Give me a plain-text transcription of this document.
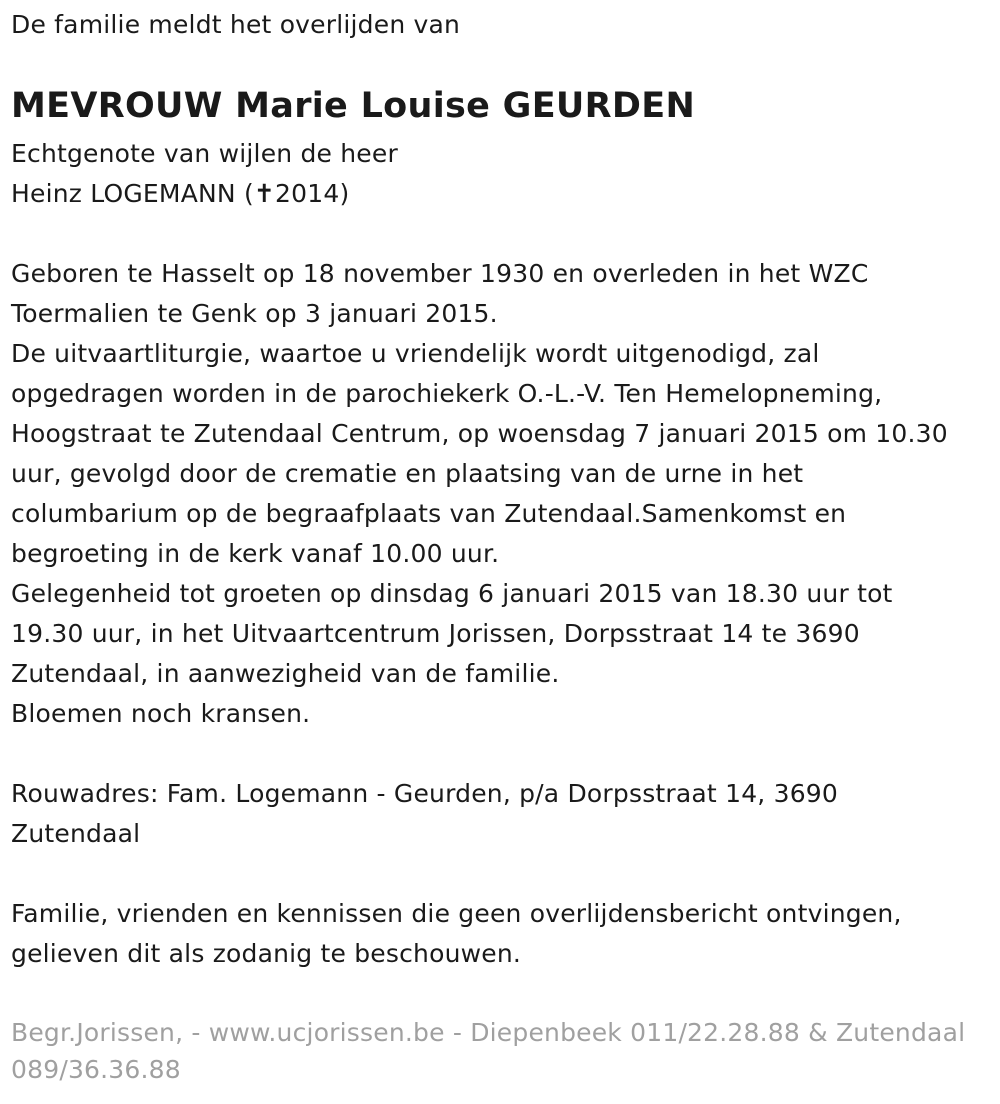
De familie meldt het overlijden van
MEVROUW Marie Louise GEURDEN
Echtgenote van wijlen de heer
Heinz LOGEMANN (✝2014)
Geboren te Hasselt op 18 november 1930 en overleden in het WZC
Toermalien te Genk op 3 januari 2015.
De uitvaartliturgie, waartoe u vriendelijk wordt uitgenodigd, zal
opgedragen worden in de parochiekerk O.-L.-V. Ten Hemelopneming,
Hoogstraat te Zutendaal Centrum, op woensdag 7 januari 2015 om 10.30
uur, gevolgd door de crematie en plaatsing van de urne in het
columbarium op de begraafplaats van Zutendaal.Samenkomst en
begroeting in de kerk vanaf 10.00 uur.
Gelegenheid tot groeten op dinsdag 6 januari 2015 van 18.30 uur tot
19.30 uur, in het Uitvaartcentrum Jorissen, Dorpsstraat 14 te 3690
Zutendaal, in aanwezigheid van de familie.
Bloemen noch kransen.
Rouwadres: Fam. Logemann - Geurden, p/a Dorpsstraat 14, 3690
Zutendaal
Familie, vrienden en kennissen die geen overlijdensbericht ontvingen,
gelieven dit als zodanig te beschouwen.
Begr.Jorissen, - www.ucjorissen.be - Diepenbeek 011/22.28.88 & Zutendaal
089/36.36.88
